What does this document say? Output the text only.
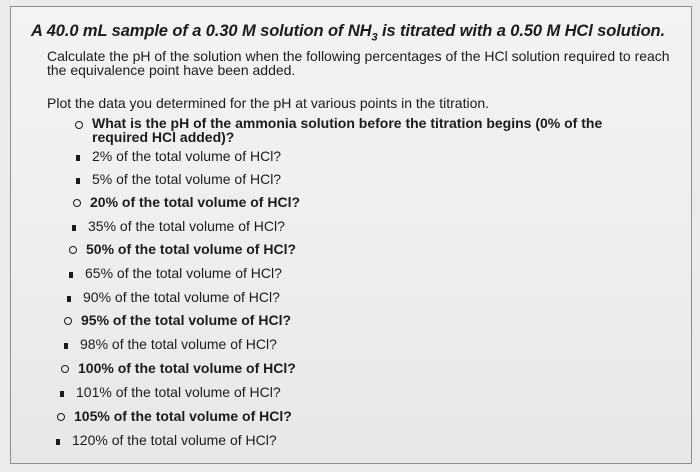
A 40.0 mL sample of a 0.30 M solution of $NH_3$ is titrated with a 0.50 M HCl solution.
Calculate the pH of the solution when the following percentages of the HCl solution required to reach the equivalence point have been added.
Plot the data you determined for the pH at various points in the titration.
What is the pH of the ammonia solution before the titration begins (0% of the required HCl added)?
2% of the total volume of HCl?
5% of the total volume of HCl?
20% of the total volume of HCl?
35% of the total volume of HCl?
50% of the total volume of HCl?
65% of the total volume of HCl?
90% of the total volume of HCl?
95% of the total volume of HCl?
98% of the total volume of HCl?
100% of the total volume of HCl?
101% of the total volume of HCl?
105% of the total volume of HCl?
120% of the total volume of HCl?
